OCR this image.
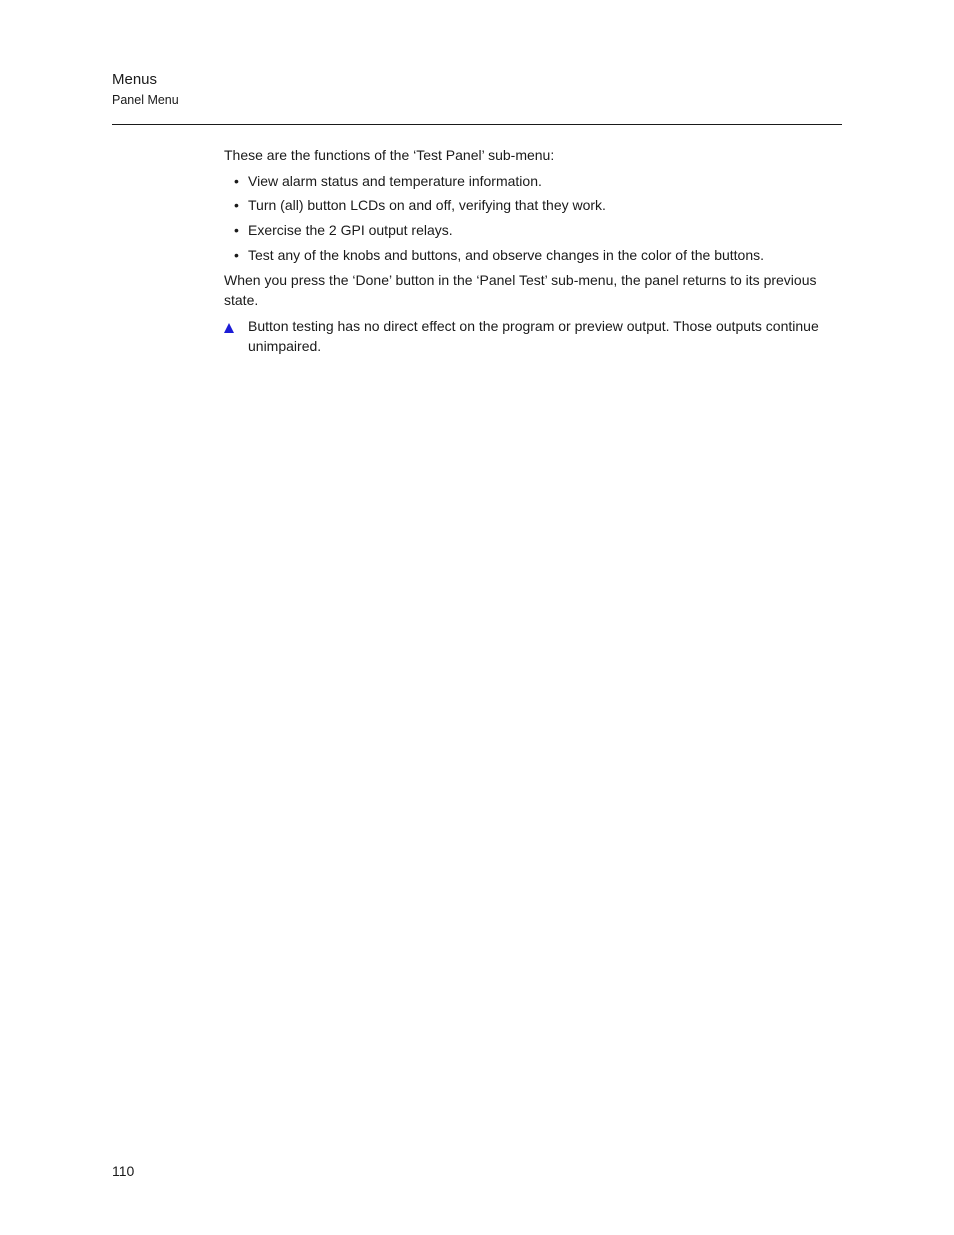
Menus
Panel Menu

These are the functions of the ‘Test Panel’ sub-menu:

• View alarm status and temperature information.
• Turn (all) button LCDs on and off, verifying that they work.
• Exercise the 2 GPI output relays.
• Test any of the knobs and buttons, and observe changes in the color of the buttons.

When you press the ‘Done’ button in the ‘Panel Test’ sub-menu, the panel returns to its previous state.

Button testing has no direct effect on the program or preview output. Those outputs continue unimpaired.
110
